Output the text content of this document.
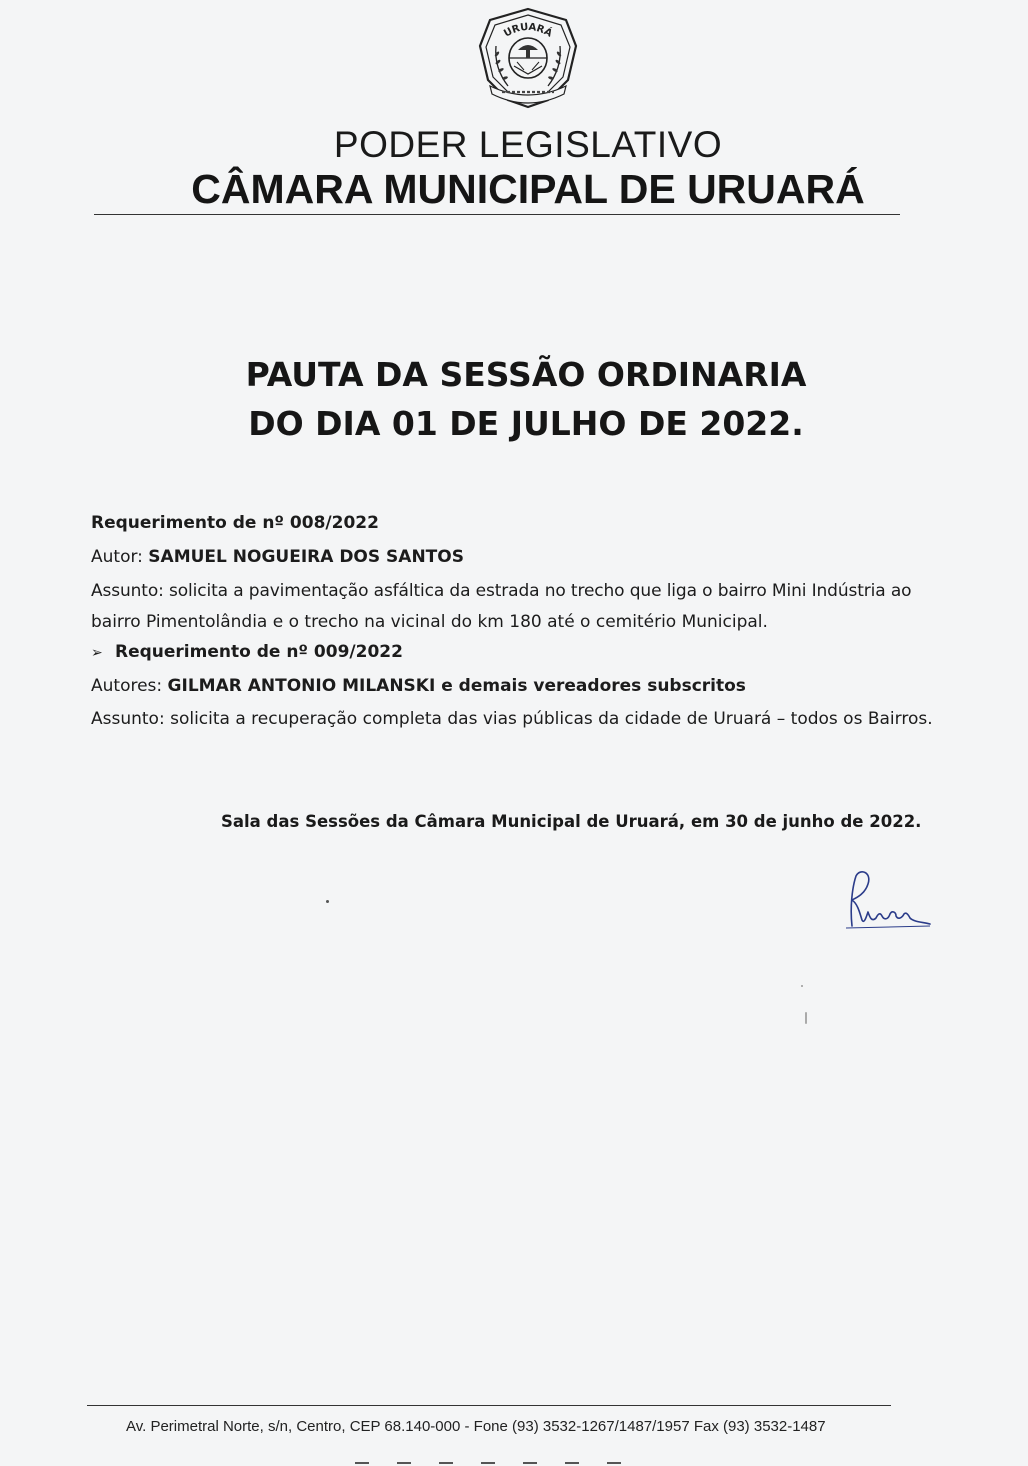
URUARÁ
PODER LEGISLATIVO
CÂMARA MUNICIPAL DE URUARÁ
PAUTA DA SESSÃO ORDINARIA
DO DIA 01 DE JULHO DE 2022.
Requerimento de nº 008/2022
Autor: SAMUEL NOGUEIRA DOS SANTOS
Assunto: solicita a pavimentação asfáltica da estrada no trecho que liga o bairro Mini Indústria ao
bairro Pimentolândia e o trecho na vicinal do km 180 até o cemitério Municipal.
➢ Requerimento de nº 009/2022
Autores: GILMAR ANTONIO MILANSKI e demais vereadores subscritos
Assunto: solicita a recuperação completa das vias públicas da cidade de Uruará – todos os Bairros.
Sala das Sessões da Câmara Municipal de Uruará, em 30 de junho de 2022.
Av. Perimetral Norte, s/n, Centro, CEP 68.140-000 - Fone (93) 3532-1267/1487/1957 Fax (93) 3532-1487
